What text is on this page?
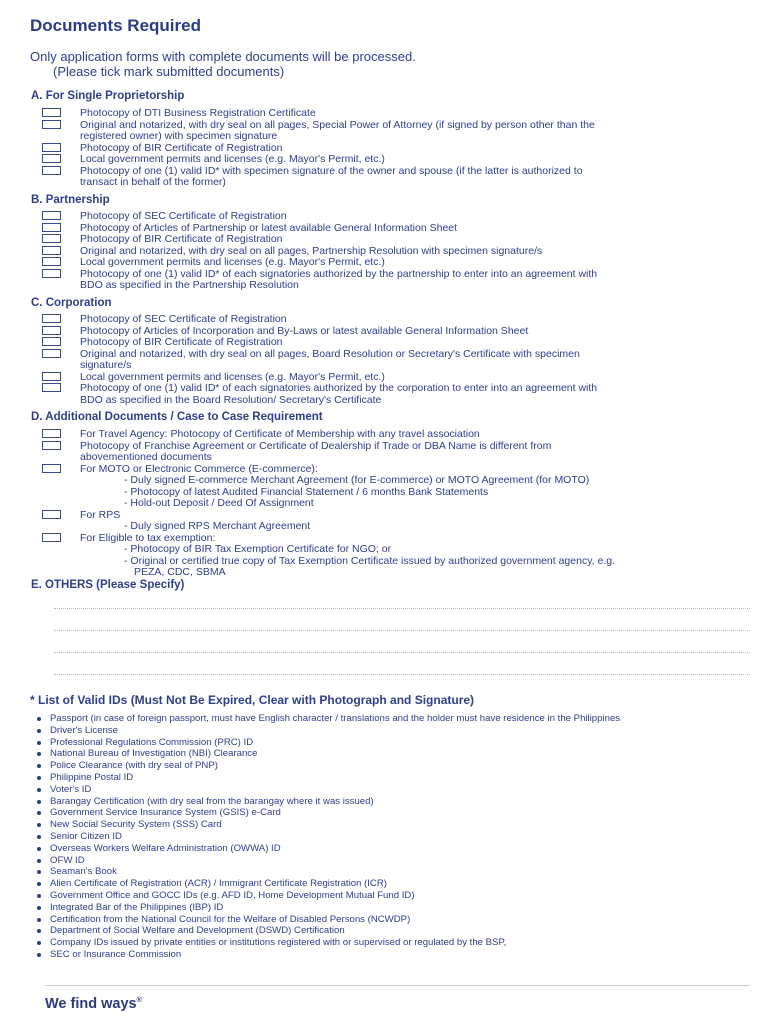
Documents Required
Only application forms with complete documents will be processed.
(Please tick mark submitted documents)
A. For Single Proprietorship
Photocopy of DTI Business Registration Certificate
Original and notarized, with dry seal on all pages, Special Power of Attorney (if signed by person other than the
registered owner) with specimen signature
Photocopy of BIR Certificate of Registration
Local government permits and licenses (e.g. Mayor's Permit, etc.)
Photocopy of one (1) valid ID* with specimen signature of the owner and spouse (if the latter is authorized to
transact in behalf of the former)
B. Partnership
Photocopy of SEC Certificate of Registration
Photocopy of Articles of Partnership or latest available General Information Sheet
Photocopy of BIR Certificate of Registration
Original and notarized, with dry seal on all pages, Partnership Resolution with specimen signature/s
Local government permits and licenses (e.g. Mayor's Permit, etc.)
Photocopy of one (1) valid ID* of each signatories authorized by the partnership to enter into an agreement with
BDO as specified in the Partnership Resolution
C. Corporation
Photocopy of SEC Certificate of Registration
Photocopy of Articles of Incorporation and By-Laws or latest available General Information Sheet
Photocopy of BIR Certificate of Registration
Original and notarized, with dry seal on all pages, Board Resolution or Secretary's Certificate with specimen
signature/s
Local government permits and licenses (e.g. Mayor's Permit, etc.)
Photocopy of one (1) valid ID* of each signatories authorized by the corporation to enter into an agreement with
BDO as specified in the Board Resolution/ Secretary's Certificate
D. Additional Documents / Case to Case Requirement
For Travel Agency: Photocopy of Certificate of Membership with any travel association
Photocopy of Franchise Agreement or Certificate of Dealership if Trade or DBA Name is different from
abovementioned documents
For MOTO or Electronic Commerce (E-commerce):
- Duly signed E-commerce Merchant Agreement (for E-commerce) or MOTO Agreement (for MOTO)
- Photocopy of latest Audited Financial Statement / 6 months Bank Statements
- Hold-out Deposit / Deed Of Assignment
For RPS
- Duly signed RPS Merchant Agreement
For Eligible to tax exemption:
- Photocopy of BIR Tax Exemption Certificate for NGO; or
- Original or certified true copy of Tax Exemption Certificate issued by authorized government agency, e.g.
PEZA, CDC, SBMA
E. OTHERS (Please Specify)
* List of Valid IDs (Must Not Be Expired, Clear with Photograph and Signature)
Passport (in case of foreign passport, must have English character / translations and the holder must have residence in the Philippines
Driver's License
Professional Regulations Commission (PRC) ID
National Bureau of Investigation (NBI) Clearance
Police Clearance (with dry seal of PNP)
Philippine Postal ID
Voter's ID
Barangay Certification (with dry seal from the barangay where it was issued)
Government Service Insurance System (GSIS) e-Card
New Social Security System (SSS) Card
Senior Citizen ID
Overseas Workers Welfare Administration (OWWA) ID
OFW ID
Seaman's Book
Alien Certificate of Registration (ACR) / Immigrant Certificate Registration (ICR)
Government Office and GOCC IDs (e.g. AFD ID, Home Development Mutual Fund ID)
Integrated Bar of the Philippines (IBP) ID
Certification from the National Council for the Welfare of Disabled Persons (NCWDP)
Department of Social Welfare and Development (DSWD) Certification
Company IDs issued by private entities or institutions registered with or supervised or regulated by the BSP,
SEC or Insurance Commission
We find ways®
